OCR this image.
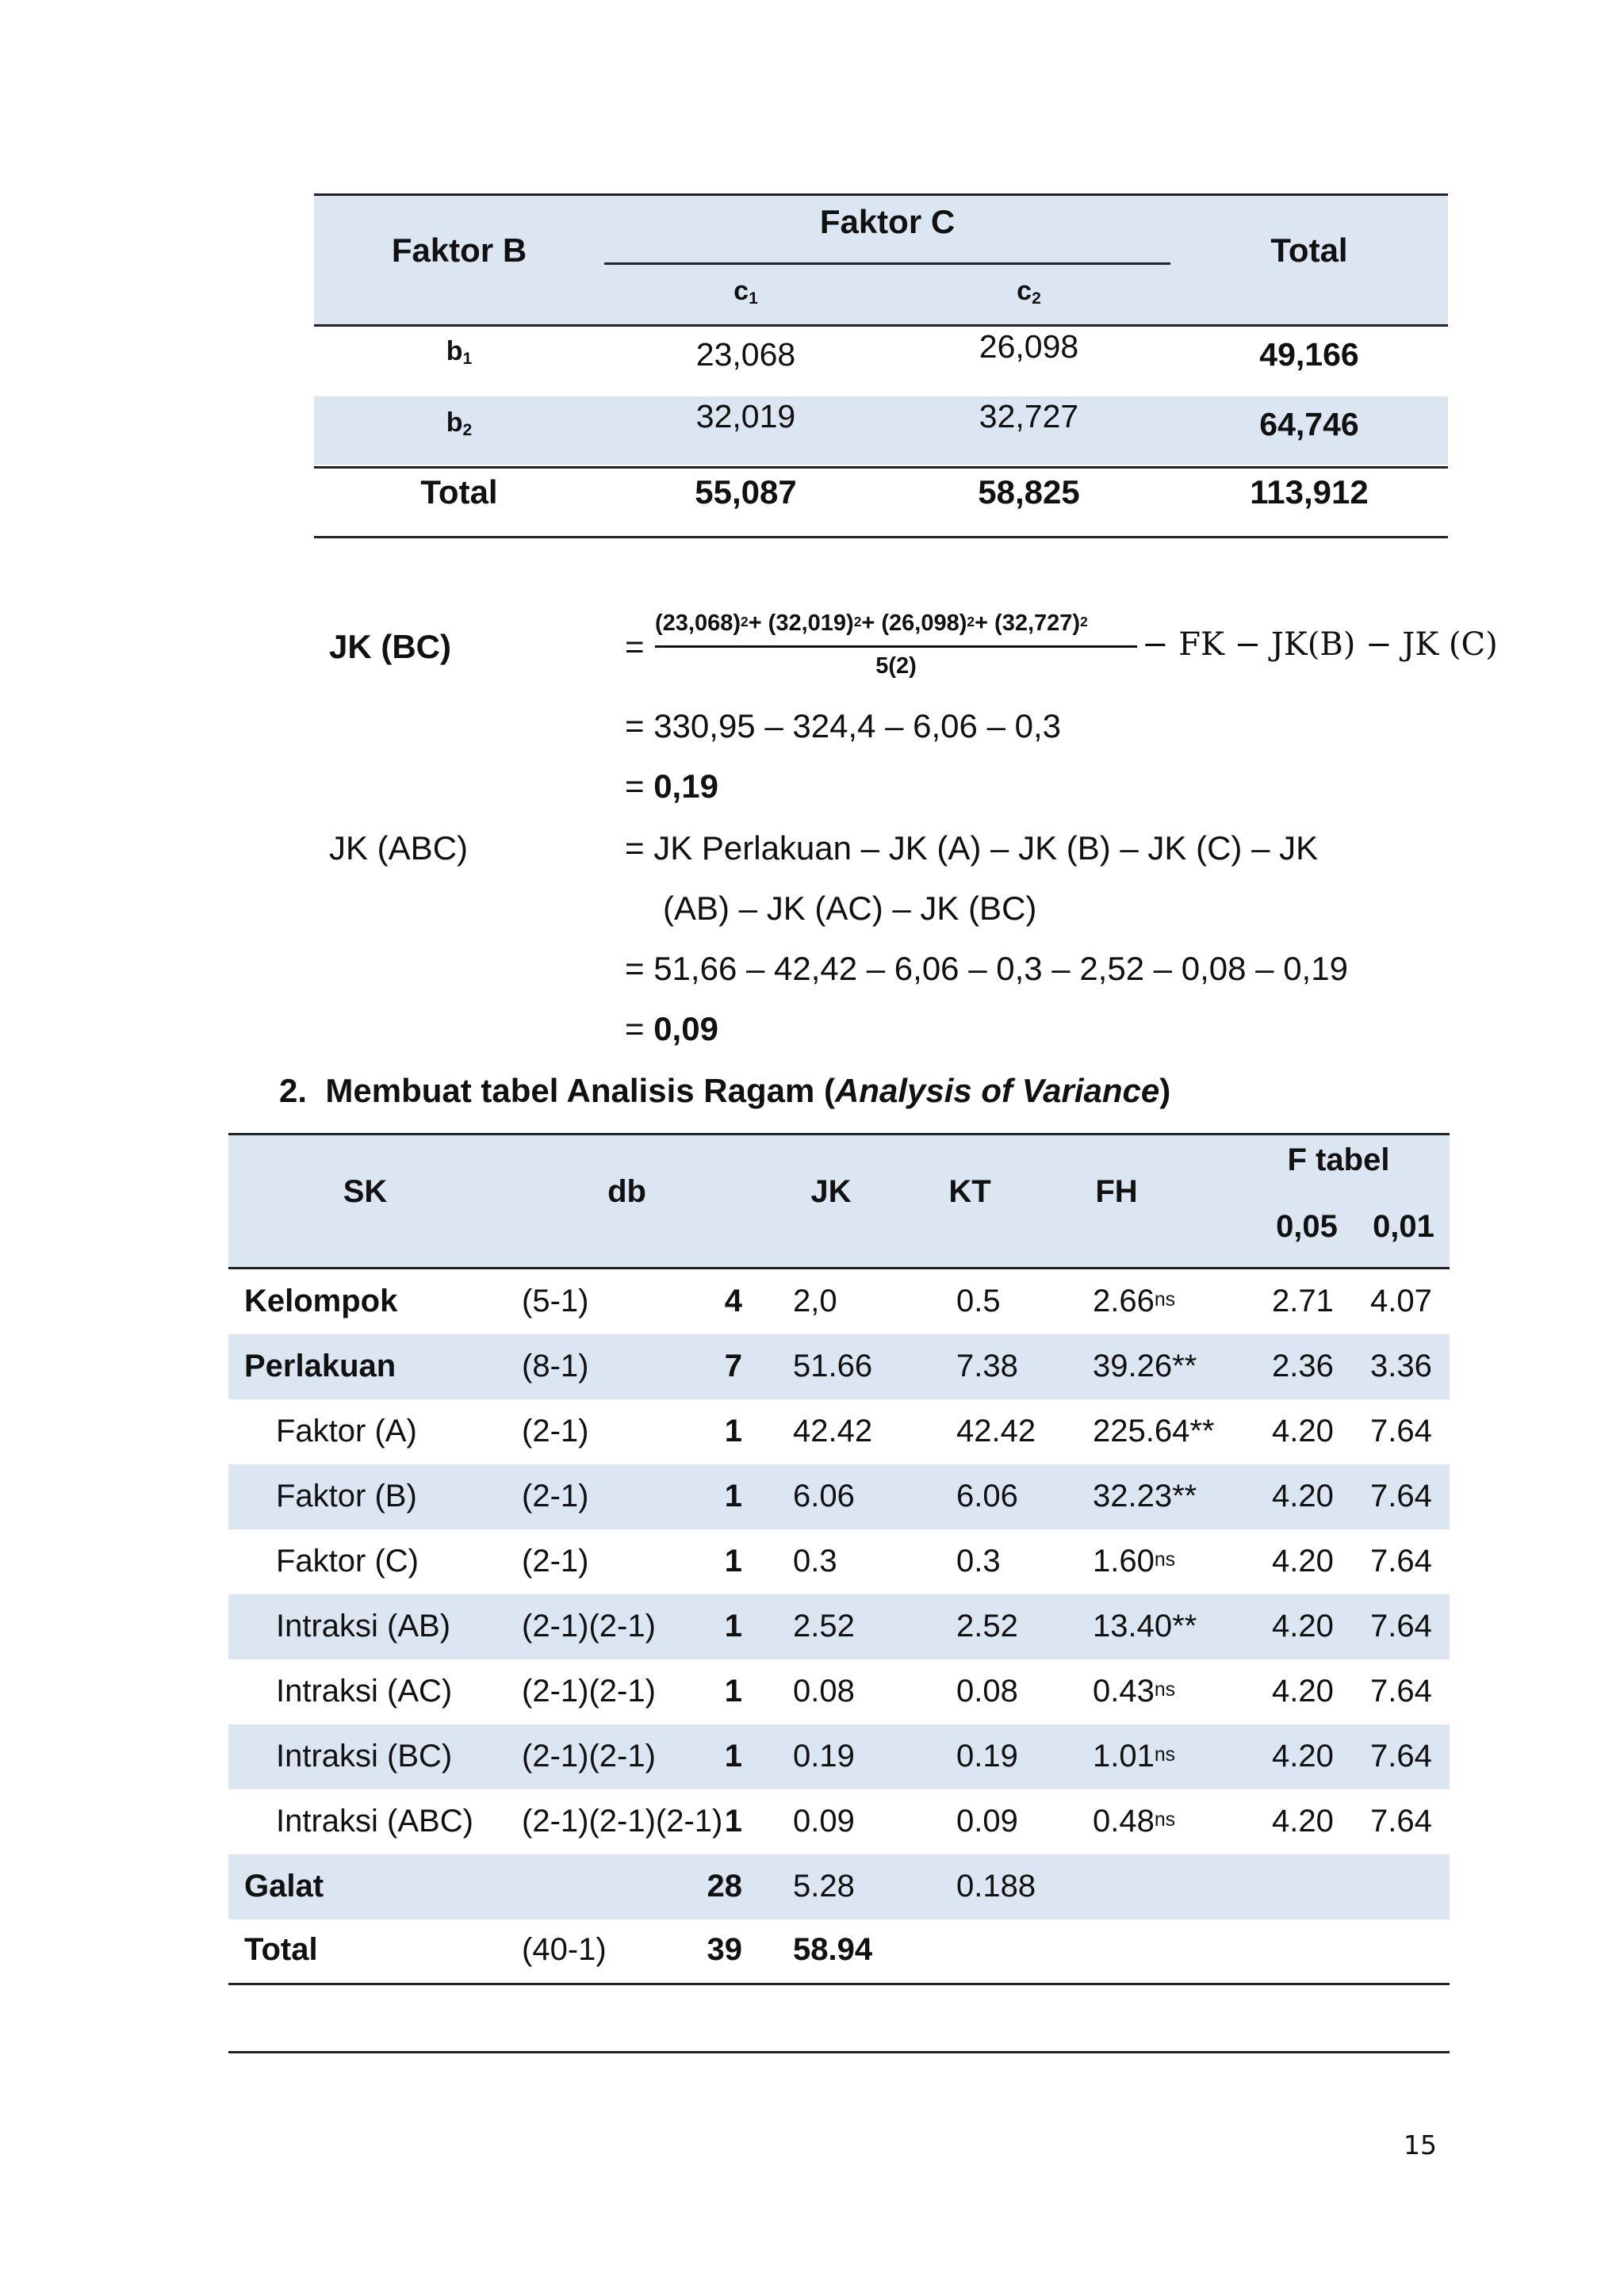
Faktor B
Faktor C
$c_1$	$c_2$
Total
$b_1$	23,068	26,098	49,166
$b_2$	32,019	32,727	64,746
Total	55,087	58,825	113,912
JK (BC)	=
$(23,068)^2+ (32,019)^2+ (26,098)^2+ (32,727)^2$
5(2)
− FK − JK(B) − JK (C)
= 330,95 – 324,4 – 6,06 – 0,3
= 0,19
JK (ABC)	= JK Perlakuan – JK (A) – JK (B) – JK (C) – JK
(AB) – JK (AC) – JK (BC)
= 51,66 – 42,42 – 6,06 – 0,3 – 2,52 – 0,08 – 0,19
= 0,09
2. Membuat tabel Analisis Ragam (Analysis of Variance)
SK	db	JK	KT	FH
F tabel
0,05 0,01
Kelompok	(5-1)	4 2,0	0.5	$2.66^{ns}$	2.71 4.07
Perlakuan	(8-1)	7 51.66	7.38 39.26** 2.36 3.36
Faktor (A)	(2-1)	1 42.42	42.42 225.64** 4.20 7.64
Faktor (B)	(2-1)	1 6.06	6.06 32.23** 4.20 7.64
Faktor (C)	(2-1)	1 0.3	0.3	$1.60^{ns}$	4.20 7.64
Intraksi (AB) (2-1)(2-1) 1 2.52	2.52 13.40** 4.20 7.64
Intraksi (AC) (2-1)(2-1) 1 0.08	0.08 $0.43^{ns}$	4.20 7.64
Intraksi (BC) (2-1)(2-1) 1 0.19	0.19 $1.01^{ns}$	4.20 7.64
Intraksi (ABC) (2-1)(2-1)(2-1) 1 0.09	0.09 $0.48^{ns}$	4.20 7.64
Galat	28 5.28	0.188
Total	(40-1)	39 58.94
15
